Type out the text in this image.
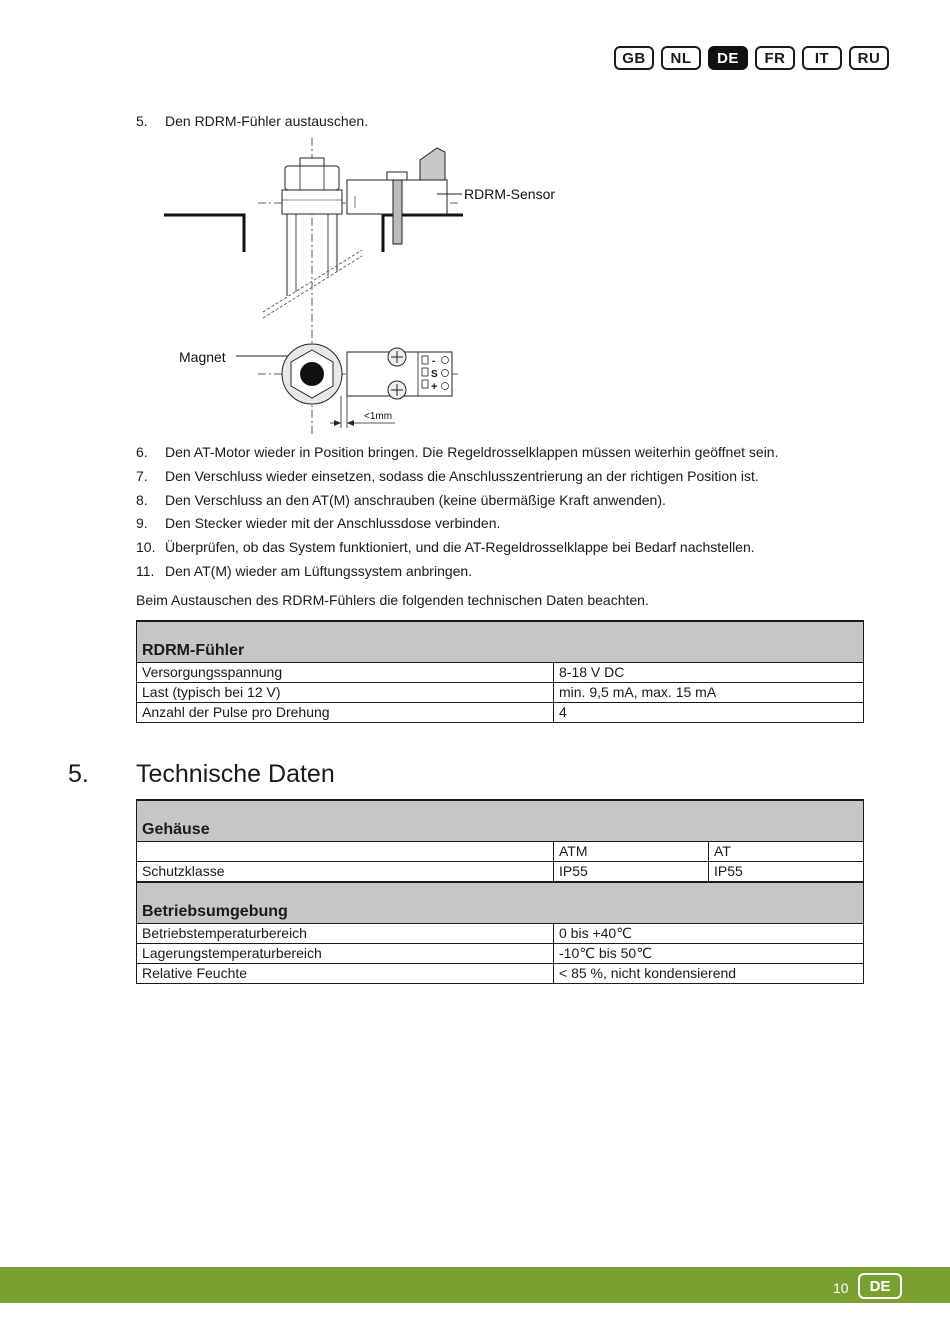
GB	NL	DE	FR	IT	RU
5. Den RDRM-Fühler austauschen.
RDRM-Sensor
Magnet	-
S
+
<1mm
6. Den AT-Motor wieder in Position bringen. Die Regeldrosselklappen müssen weiterhin geöffnet sein.
7. Den Verschluss wieder einsetzen, sodass die Anschlusszentrierung an der richtigen Position ist.
8. Den Verschluss an den AT(M) anschrauben (keine übermäßige Kraft anwenden).
9. Den Stecker wieder mit der Anschlussdose verbinden.
10. Überprüfen, ob das System funktioniert, und die AT-Regeldrosselklappe bei Bedarf nachstellen.
11. Den AT(M) wieder am Lüftungssystem anbringen.
Beim Austauschen des RDRM-Fühlers die folgenden technischen Daten beachten.
RDRM-Fühler	
Versorgungsspannung	8-18 V DC
Last (typisch bei 12 V)	min. 9,5 mA, max. 15 mA
Anzahl der Pulse pro Drehung	4
5. Technische Daten
Gehäuse		
	ATM	AT
Schutzklasse	IP55	IP55
Betriebsumgebung		
Betriebstemperaturbereich	0 bis +40℃	
Lagerungstemperaturbereich	-10℃ bis 50℃	
Relative Feuchte	< 85 %, nicht kondensierend	
10	DE
